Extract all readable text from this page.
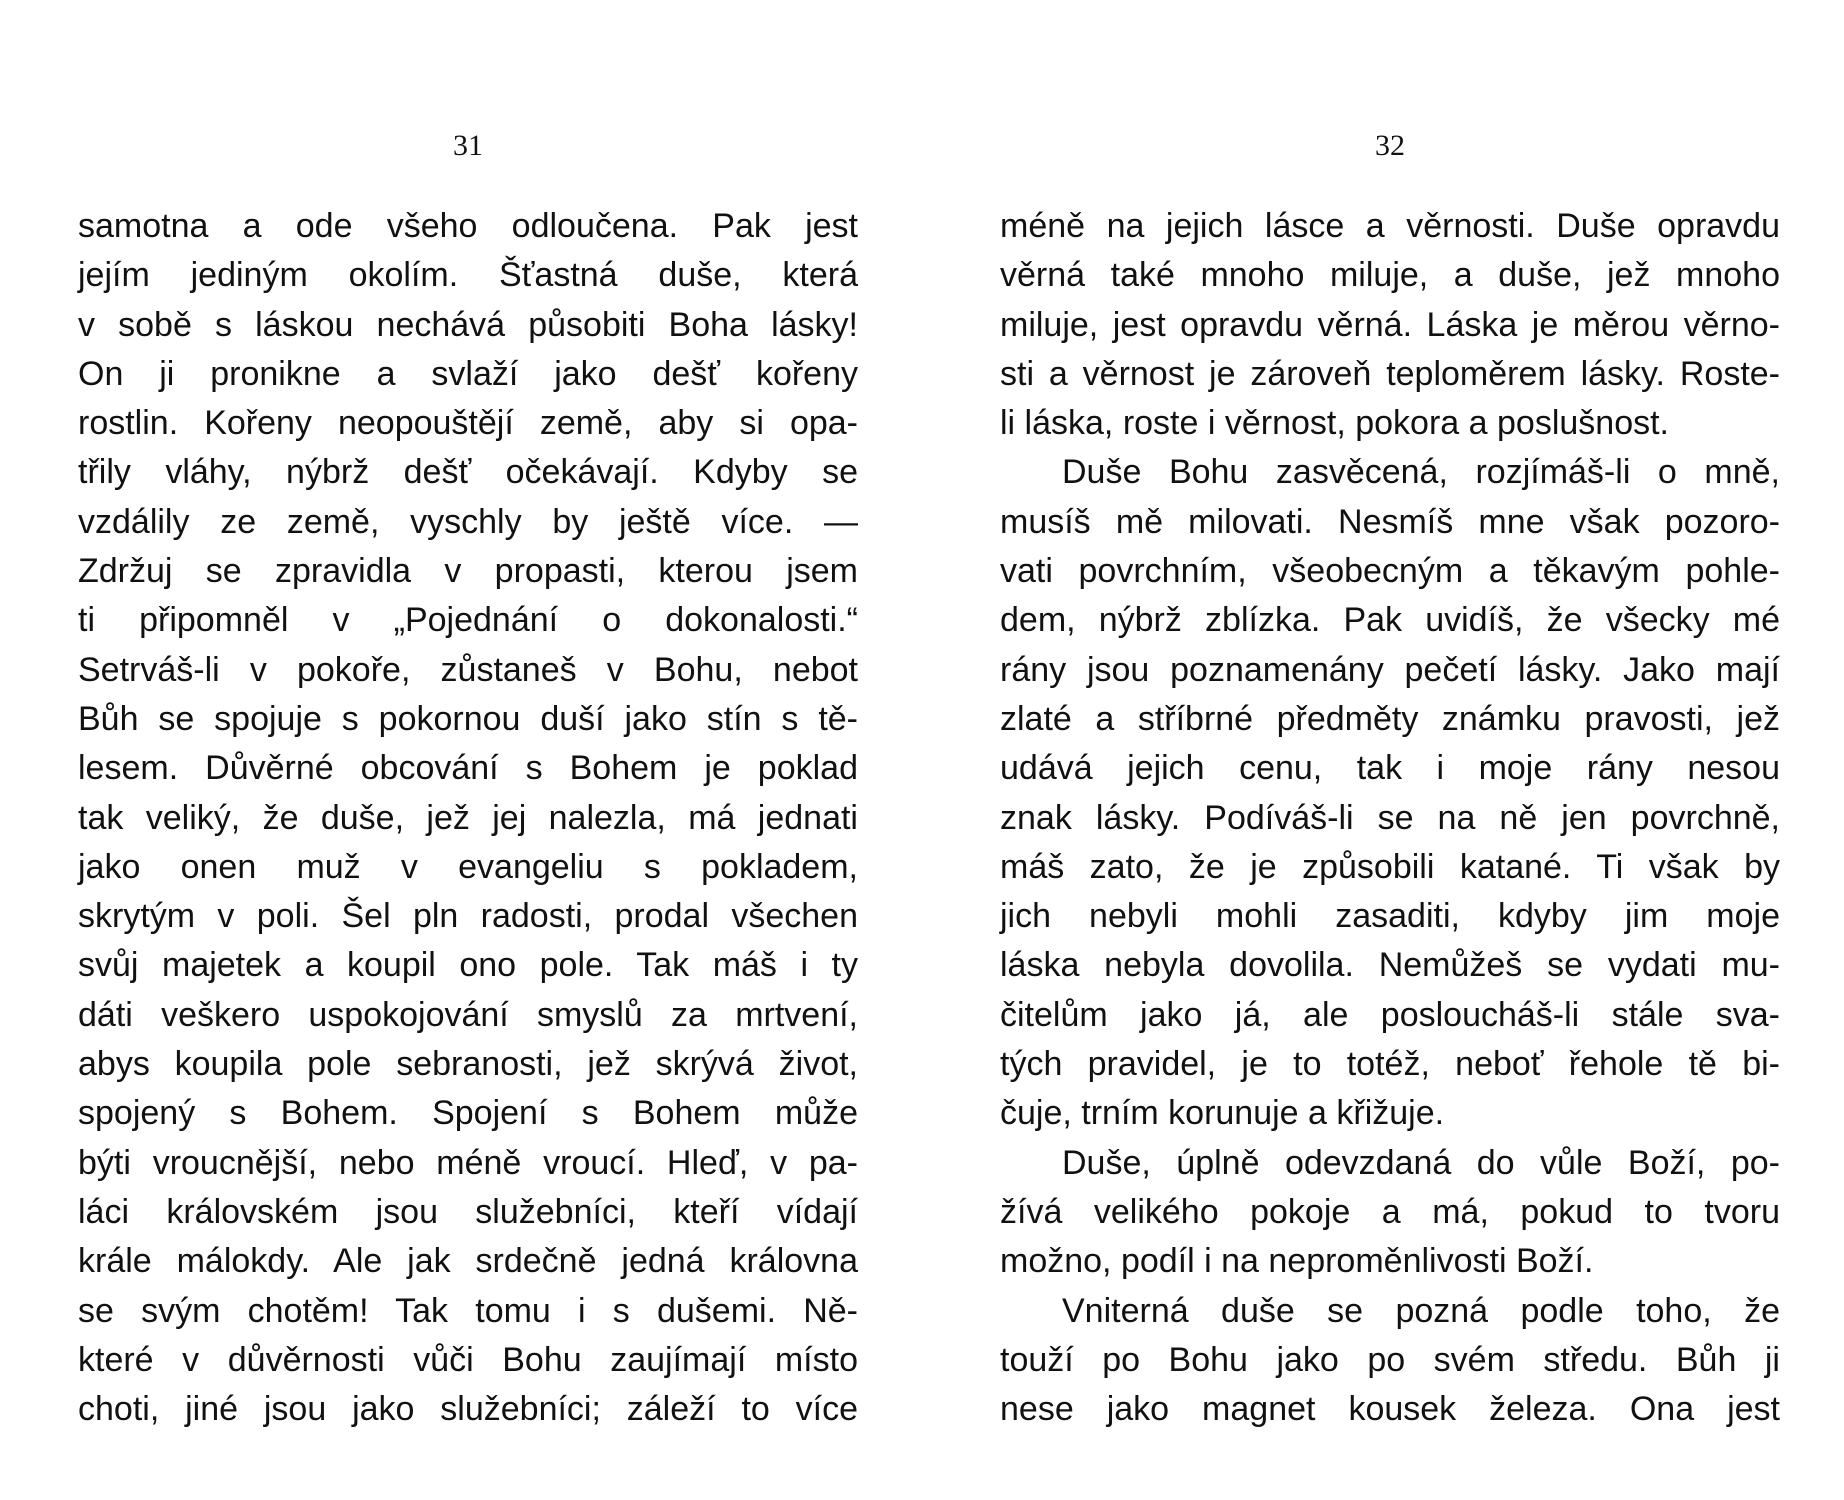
31
samotna a ode všeho odloučena. Pak jest
jejím jediným okolím. Šťastná duše, která
v sobě s láskou nechává působiti Boha lásky!
On ji pronikne a svlaží jako dešť kořeny
rostlin. Kořeny neopouštějí země, aby si opa-
třily vláhy, nýbrž dešť očekávají. Kdyby se
vzdálily ze země, vyschly by ještě více. —
Zdržuj se zpravidla v propasti, kterou jsem
ti připomněl v „Pojednání o dokonalosti.“
Setrváš-li v pokoře, zůstaneš v Bohu, nebot
Bůh se spojuje s pokornou duší jako stín s tě-
lesem. Důvěrné obcování s Bohem je poklad
tak veliký, že duše, jež jej nalezla, má jednati
jako onen muž v evangeliu s pokladem,
skrytým v poli. Šel pln radosti, prodal všechen
svůj majetek a koupil ono pole. Tak máš i ty
dáti veškero uspokojování smyslů za mrtvení,
abys koupila pole sebranosti, jež skrývá život,
spojený s Bohem. Spojení s Bohem může
býti vroucnější, nebo méně vroucí. Hleď, v pa-
láci královském jsou služebníci, kteří vídají
krále málokdy. Ale jak srdečně jedná královna
se svým chotěm! Tak tomu i s dušemi. Ně-
které v důvěrnosti vůči Bohu zaujímají místo
choti, jiné jsou jako služebníci; záleží to více
32
méně na jejich lásce a věrnosti. Duše opravdu
věrná také mnoho miluje, a duše, jež mnoho
miluje, jest opravdu věrná. Láska je měrou věrno-
sti a věrnost je zároveň teploměrem lásky. Roste-
li láska, roste i věrnost, pokora a poslušnost.
Duše Bohu zasvěcená, rozjímáš-li o mně,
musíš mě milovati. Nesmíš mne však pozoro-
vati povrchním, všeobecným a těkavým pohle-
dem, nýbrž zblízka. Pak uvidíš, že všecky mé
rány jsou poznamenány pečetí lásky. Jako mají
zlaté a stříbrné předměty známku pravosti, jež
udává jejich cenu, tak i moje rány nesou
znak lásky. Podíváš-li se na ně jen povrchně,
máš zato, že je způsobili katané. Ti však by
jich nebyli mohli zasaditi, kdyby jim moje
láska nebyla dovolila. Nemůžeš se vydati mu-
čitelům jako já, ale posloucháš-li stále sva-
tých pravidel, je to totéž, neboť řehole tě bi-
čuje, trním korunuje a křižuje.
Duše, úplně odevzdaná do vůle Boží, po-
žívá velikého pokoje a má, pokud to tvoru
možno, podíl i na neproměnlivosti Boží.
Vniterná duše se pozná podle toho, že
touží po Bohu jako po svém středu. Bůh ji
nese jako magnet kousek železa. Ona jest
